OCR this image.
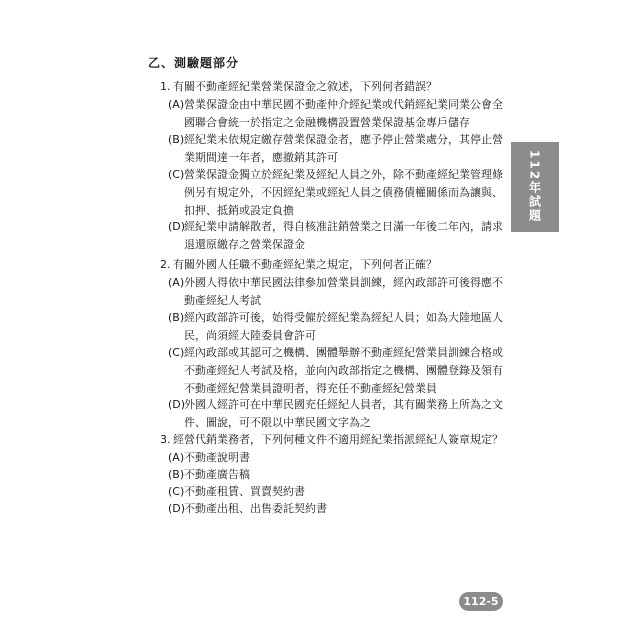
乙、測驗題部分
1. 有關不動產經紀業營業保證金之敘述，下列何者錯誤？
(A) 營業保證金由中華民國不動產仲介經紀業或代銷經紀業同業公會全
國聯合會統一於指定之金融機構設置營業保證基金專戶儲存
(B) 經紀業未依規定繳存營業保證金者，應予停止營業處分，其停止營
業期間達一年者，應撤銷其許可
(C) 營業保證金獨立於經紀業及經紀人員之外，除不動產經紀業管理條
例另有規定外，不因經紀業或經紀人員之債務債權關係而為讓與、
扣押、抵銷或設定負擔
(D)
經紀業申請解散者，得自核准註銷營業之日滿一年後二年內，請求
退還原繳存之營業保證金
2. 有關外國人任職不動產經紀業之規定，下列何者正確？
(A) 外國人得依中華民國法律參加營業員訓練，經內政部許可後得應不
動產經紀人考試
(B) 經內政部許可後，始得受僱於經紀業為經紀人員；如為大陸地區人
民，尚須經大陸委員會許可
(C) 經內政部或其認可之機構、團體舉辦不動產經紀營業員訓練合格或
不動產經紀人考試及格，並向內政部指定之機構、團體登錄及領有
不動產經紀營業員證明者，得充任不動產經紀營業員
(D)
外國人經許可在中華民國充任經紀人員者，其有關業務上所為之文
件、圖說，可不限以中華民國文字為之
3. 經營代銷業務者，下列何種文件不適用經紀業指派經紀人簽章規定？
(A) 不動產說明書
(B) 不動產廣告稿
(C) 不動產租賃、買賣契約書
(D)
不動產出租、出售委託契約書
112年試題
112-5
